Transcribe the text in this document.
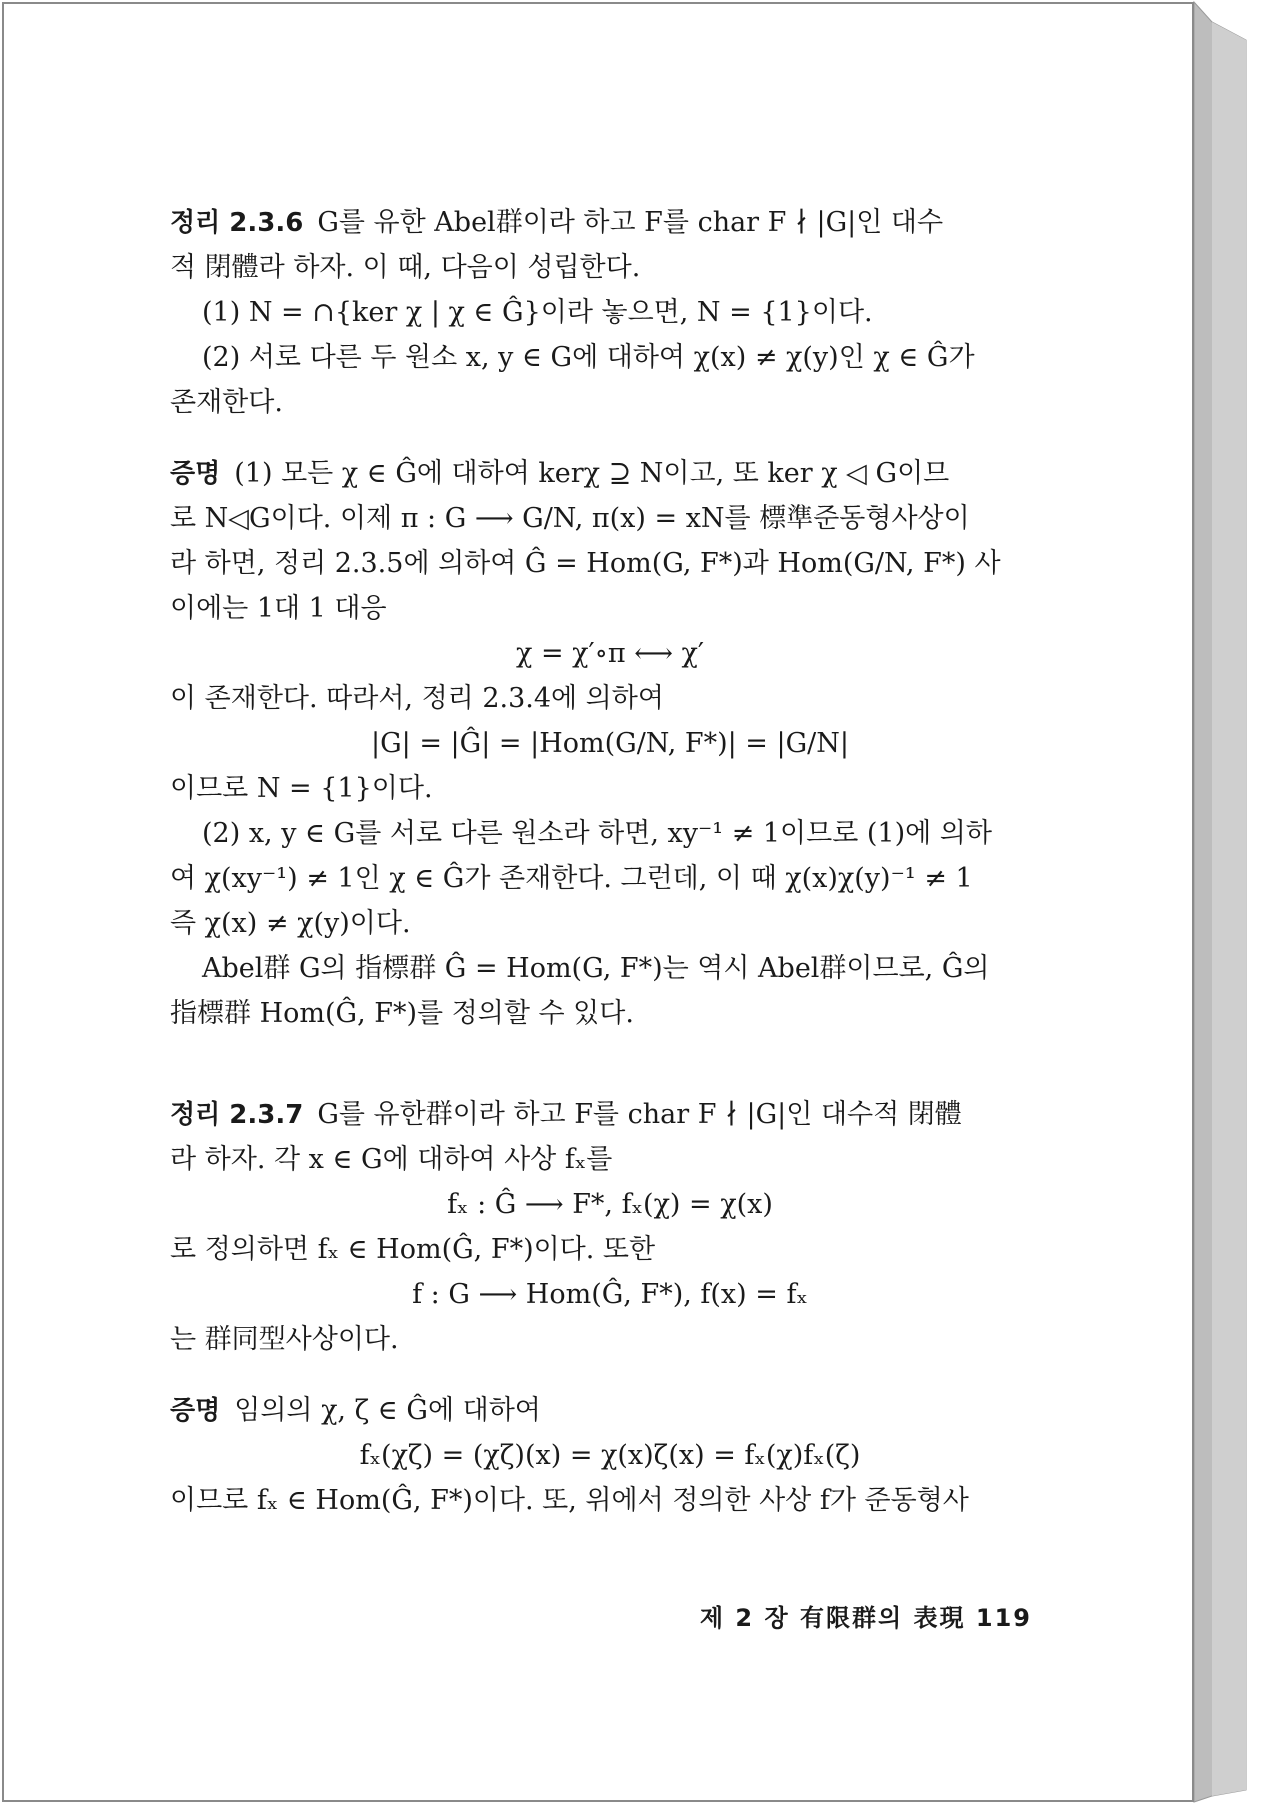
정리 2.3.6 G를 유한 Abel群이라 하고 F를 char F ∤ |G|인 대수
적 閉體라 하자. 이 때, 다음이 성립한다.
(1) N = ∩{ker χ | χ ∈ Ĝ}이라 놓으면, N = {1}이다.
(2) 서로 다른 두 원소 x, y ∈ G에 대하여 χ(x) ≠ χ(y)인 χ ∈ Ĝ가
존재한다.
증명 (1) 모든 χ ∈ Ĝ에 대하여 kerχ ⊇ N이고, 또 ker χ ◁ G이므
로 N◁G이다. 이제 π : G ⟶ G/N, π(x) = xN를 標準준동형사상이
라 하면, 정리 2.3.5에 의하여 Ĝ = Hom(G, F*)과 Hom(G/N, F*) 사
이에는 1대 1 대응
χ = χ′∘π ⟷ χ′
이 존재한다. 따라서, 정리 2.3.4에 의하여
|G| = |Ĝ| = |Hom(G/N, F*)| = |G/N|
이므로 N = {1}이다.
(2) x, y ∈ G를 서로 다른 원소라 하면, xy⁻¹ ≠ 1이므로 (1)에 의하
여 χ(xy⁻¹) ≠ 1인 χ ∈ Ĝ가 존재한다. 그런데, 이 때 χ(x)χ(y)⁻¹ ≠ 1
즉 χ(x) ≠ χ(y)이다.
Abel群 G의 指標群 Ĝ = Hom(G, F*)는 역시 Abel群이므로, Ĝ의
指標群 Hom(Ĝ, F*)를 정의할 수 있다.
정리 2.3.7 G를 유한群이라 하고 F를 char F ∤ |G|인 대수적 閉體
라 하자. 각 x ∈ G에 대하여 사상 fₓ를
fₓ : Ĝ ⟶ F*, fₓ(χ) = χ(x)
로 정의하면 fₓ ∈ Hom(Ĝ, F*)이다. 또한
f : G ⟶ Hom(Ĝ, F*), f(x) = fₓ
는 群同型사상이다.
증명 임의의 χ, ζ ∈ Ĝ에 대하여
fₓ(χζ) = (χζ)(x) = χ(x)ζ(x) = fₓ(χ)fₓ(ζ)
이므로 fₓ ∈ Hom(Ĝ, F*)이다. 또, 위에서 정의한 사상 f가 준동형사
제 2 장 有限群의 表現 119
